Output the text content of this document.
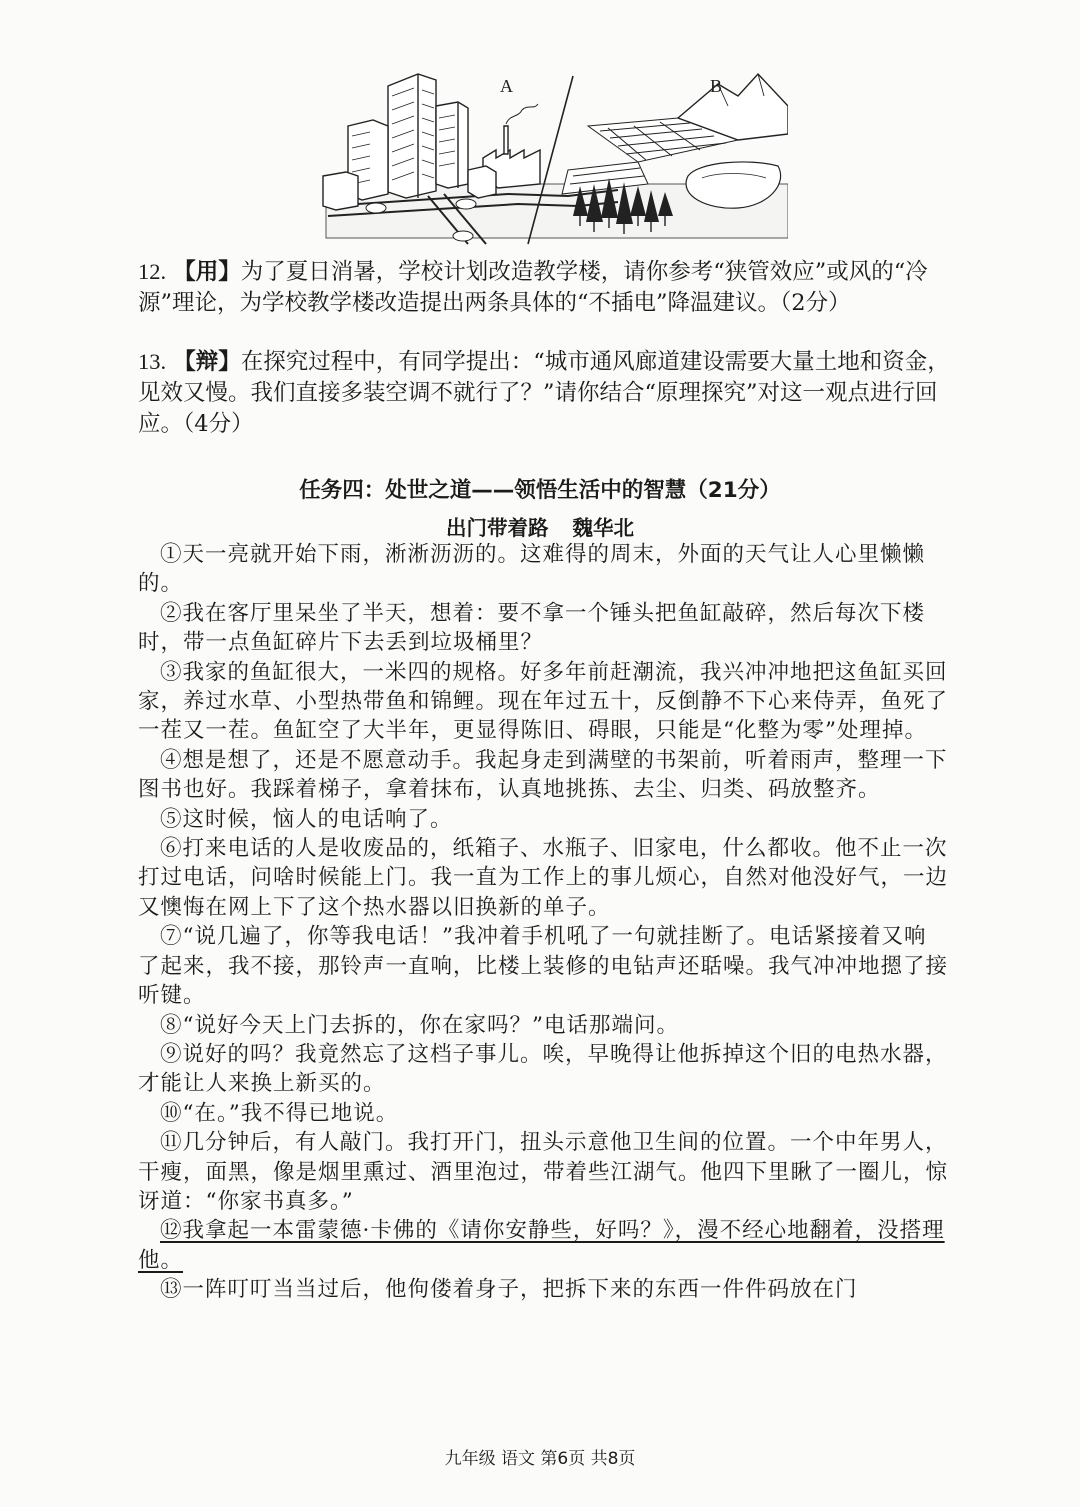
A	B
12. 【用】为了夏日消暑，学校计划改造教学楼，请你参考“狭管效应”或风的“冷源”理论，为学校教学楼改造提出两条具体的“不插电”降温建议。（2分）
13. 【辩】在探究过程中，有同学提出：“城市通风廊道建设需要大量土地和资金，见效又慢。我们直接多装空调不就行了？”请你结合“原理探究”对这一观点进行回应。（4分）
任务四：处世之道——领悟生活中的智慧（21分）
出门带着路 魏华北

①天一亮就开始下雨，淅淅沥沥的。这难得的周末，外面的天气让人心里懒懒的。

②我在客厅里呆坐了半天，想着：要不拿一个锤头把鱼缸敲碎，然后每次下楼时，带一点鱼缸碎片下去丢到垃圾桶里？

③我家的鱼缸很大，一米四的规格。好多年前赶潮流，我兴冲冲地把这鱼缸买回家，养过水草、小型热带鱼和锦鲤。现在年过五十，反倒静不下心来侍弄，鱼死了一茬又一茬。鱼缸空了大半年，更显得陈旧、碍眼，只能是“化整为零”处理掉。

④想是想了，还是不愿意动手。我起身走到满壁的书架前，听着雨声，整理一下图书也好。我踩着梯子，拿着抹布，认真地挑拣、去尘、归类、码放整齐。

⑤这时候，恼人的电话响了。

⑥打来电话的人是收废品的，纸箱子、水瓶子、旧家电，什么都收。他不止一次打过电话，问啥时候能上门。我一直为工作上的事儿烦心，自然对他没好气，一边又懊悔在网上下了这个热水器以旧换新的单子。

⑦“说几遍了，你等我电话！”我冲着手机吼了一句就挂断了。电话紧接着又响了起来，我不接，那铃声一直响，比楼上装修的电钻声还聒噪。我气冲冲地摁了接听键。

⑧“说好今天上门去拆的，你在家吗？”电话那端问。

⑨说好的吗？我竟然忘了这档子事儿。唉，早晚得让他拆掉这个旧的电热水器，才能让人来换上新买的。

⑩“在。”我不得已地说。

⑪几分钟后，有人敲门。我打开门，扭头示意他卫生间的位置。一个中年男人，干瘦，面黑，像是烟里熏过、酒里泡过，带着些江湖气。他四下里瞅了一圈儿，惊讶道：“你家书真多。”

⑫我拿起一本雷蒙德·卡佛的《请你安静些，好吗？》，漫不经心地翻着，没搭理他。

⑬一阵叮叮当当过后，他佝偻着身子，把拆下来的东西一件件码放在门

九年级 语文 第6页 共8页
